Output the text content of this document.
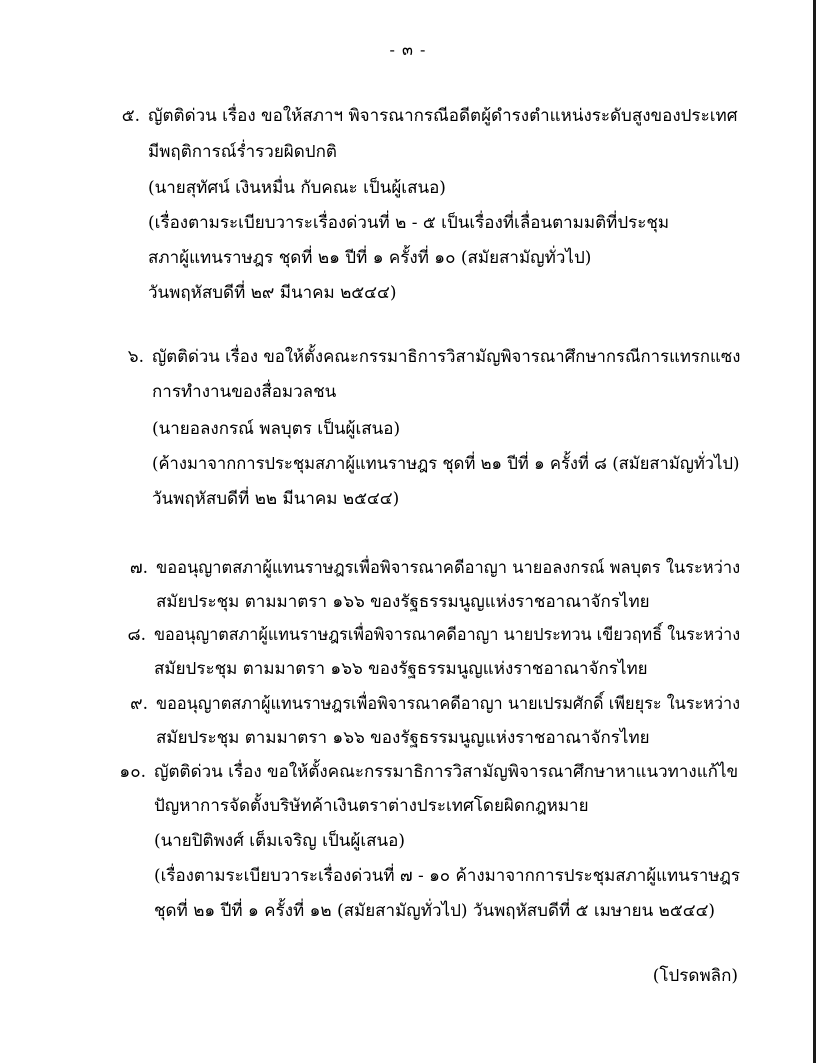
- ๓ -
๕. ญัตติด่วน เรื่อง ขอให้สภาฯ พิจารณากรณีอดีตผู้ดำรงตำแหน่งระดับสูงของประเทศ
มีพฤติการณ์ร่ำรวยผิดปกติ
(นายสุทัศน์ เงินหมื่น กับคณะ เป็นผู้เสนอ)
(เรื่องตามระเบียบวาระเรื่องด่วนที่ ๒ - ๕ เป็นเรื่องที่เลื่อนตามมติที่ประชุม
สภาผู้แทนราษฎร ชุดที่ ๒๑ ปีที่ ๑ ครั้งที่ ๑๐ (สมัยสามัญทั่วไป)
วันพฤหัสบดีที่ ๒๙ มีนาคม ๒๕๔๔)
๖. ญัตติด่วน เรื่อง ขอให้ตั้งคณะกรรมาธิการวิสามัญพิจารณาศึกษากรณีการแทรกแซง
การทำงานของสื่อมวลชน
(นายอลงกรณ์ พลบุตร เป็นผู้เสนอ)
(ค้างมาจากการประชุมสภาผู้แทนราษฎร ชุดที่ ๒๑ ปีที่ ๑ ครั้งที่ ๘ (สมัยสามัญทั่วไป)
วันพฤหัสบดีที่ ๒๒ มีนาคม ๒๕๔๔)
๗. ขออนุญาตสภาผู้แทนราษฎรเพื่อพิจารณาคดีอาญา นายอลงกรณ์ พลบุตร ในระหว่าง
สมัยประชุม ตามมาตรา ๑๖๖ ของรัฐธรรมนูญแห่งราชอาณาจักรไทย
๘. ขออนุญาตสภาผู้แทนราษฎรเพื่อพิจารณาคดีอาญา นายประทวน เขียวฤทธิ์ ในระหว่าง
สมัยประชุม ตามมาตรา ๑๖๖ ของรัฐธรรมนูญแห่งราชอาณาจักรไทย
๙. ขออนุญาตสภาผู้แทนราษฎรเพื่อพิจารณาคดีอาญา นายเปรมศักดิ์ เพียยุระ ในระหว่าง
สมัยประชุม ตามมาตรา ๑๖๖ ของรัฐธรรมนูญแห่งราชอาณาจักรไทย
๑๐. ญัตติด่วน เรื่อง ขอให้ตั้งคณะกรรมาธิการวิสามัญพิจารณาศึกษาหาแนวทางแก้ไข
ปัญหาการจัดตั้งบริษัทค้าเงินตราต่างประเทศโดยผิดกฎหมาย
(นายปิติพงศ์ เต็มเจริญ เป็นผู้เสนอ)
(เรื่องตามระเบียบวาระเรื่องด่วนที่ ๗ - ๑๐ ค้างมาจากการประชุมสภาผู้แทนราษฎร
ชุดที่ ๒๑ ปีที่ ๑ ครั้งที่ ๑๒ (สมัยสามัญทั่วไป) วันพฤหัสบดีที่ ๕ เมษายน ๒๕๔๔)
(โปรดพลิก)
